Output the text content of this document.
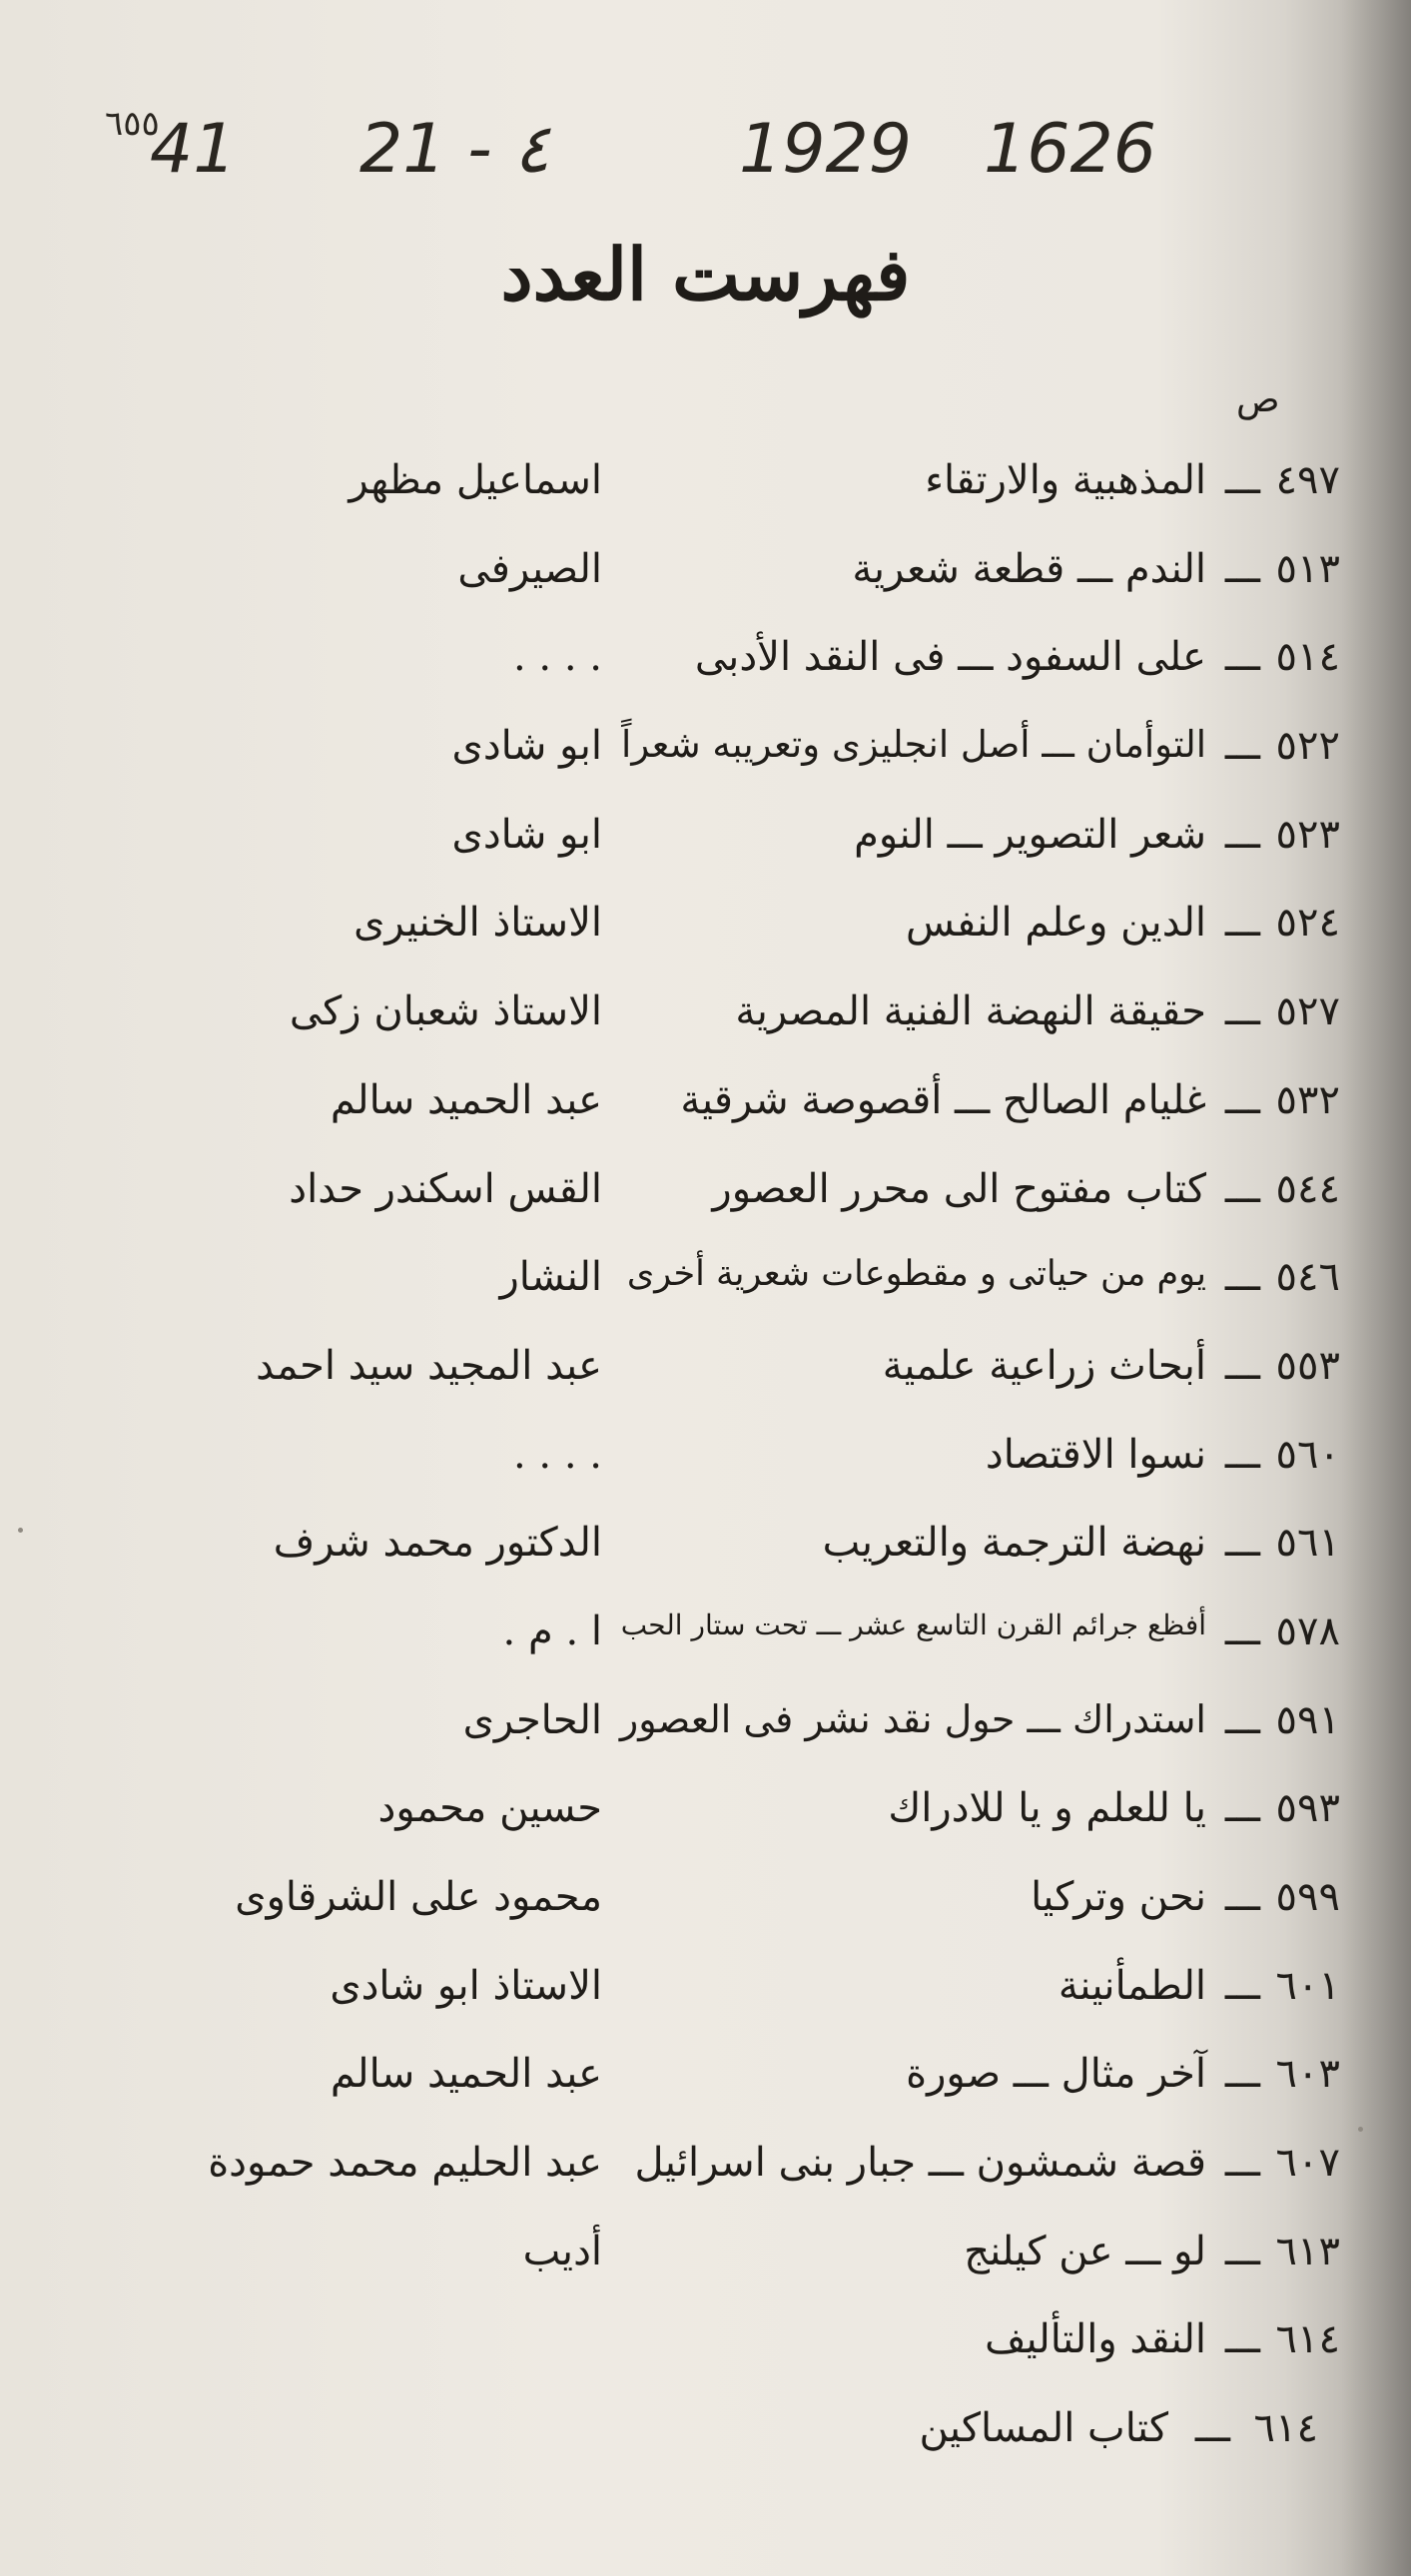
٦٥٥
41 21 - ٤	1929 1626
فهرست العدد
ص
٤٩٧
ـــ
المذهبية والارتقاء
اسماعيل مظهر
٥١٣
ـــ
الندم ـــ قطعة شعرية
الصيرفى
٥١٤
ـــ
على السفود ـــ فى النقد الأدبى
. . . .
٥٢٢
ـــ
التوأمان ـــ أصل انجليزى وتعريبه شعراً
ابو شادى
٥٢٣
ـــ
شعر التصوير ـــ النوم
ابو شادى
٥٢٤
ـــ
الدين وعلم النفس
الاستاذ الخنيرى
٥٢٧
ـــ
حقيقة النهضة الفنية المصرية
الاستاذ شعبان زكى
٥٣٢
ـــ
غليام الصالح ـــ أقصوصة شرقية
عبد الحميد سالم
٥٤٤
ـــ
كتاب مفتوح الى محرر العصور
القس اسكندر حداد
٥٤٦
ـــ
يوم من حياتى و مقطوعات شعرية أخرى
النشار
٥٥٣
ـــ
أبحاث زراعية علمية
عبد المجيد سيد احمد
٥٦٠
ـــ
نسوا الاقتصاد
. . . .
٥٦١
ـــ
نهضة الترجمة والتعريب
الدكتور محمد شرف
٥٧٨
ـــ
أفظع جرائم القرن التاسع عشر ـــ تحت ستار الحب
ا . م .
٥٩١
ـــ
استدراك ـــ حول نقد نشر فى العصور
الحاجرى
٥٩٣
ـــ
يا للعلم و يا للادراك
حسين محمود
٥٩٩
ـــ
نحن وتركيا
محمود على الشرقاوى
٦٠١
ـــ
الطمأنينة
الاستاذ ابو شادى
٦٠٣
ـــ
آخر مثال ـــ صورة
عبد الحميد سالم
٦٠٧
ـــ
قصة شمشون ـــ جبار بنى اسرائيل
عبد الحليم محمد حمودة
٦١٣
ـــ
لو ـــ عن كيلنج
أديب
٦١٤
ـــ
النقد والتأليف
٦١٤
ـــ
كتاب المساكين
